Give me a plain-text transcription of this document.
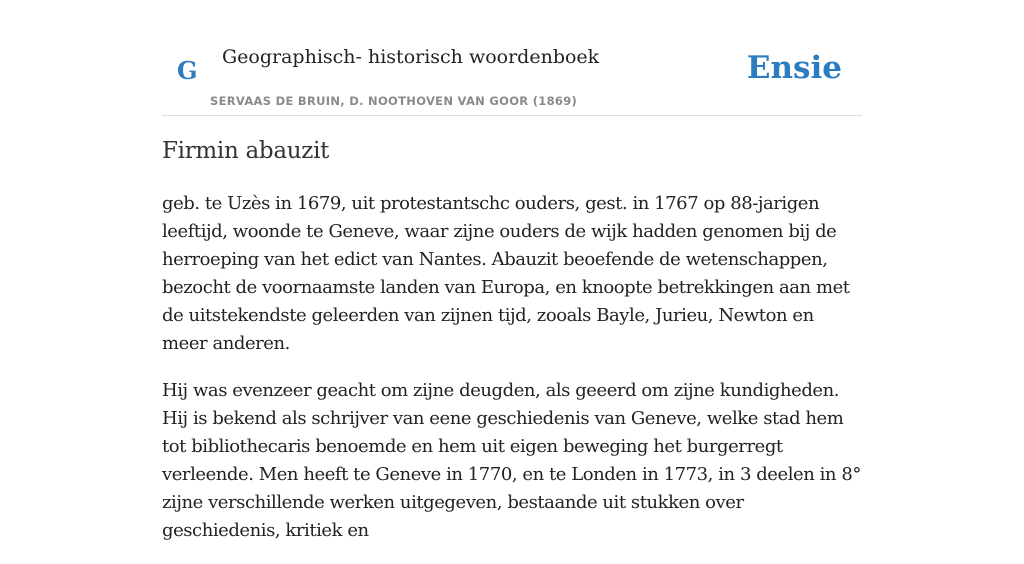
G Geographisch- historisch woordenboek
SERVAAS DE BRUIN, D. NOOTHOVEN VAN GOOR (1869)
Ensie
Firmin abauzit

geb. te Uzès in 1679, uit protestantschc ouders, gest. in 1767 op 88-jarigen leeftijd, woonde te Geneve, waar zijne ouders de wijk hadden genomen bij de herroeping van het edict van Nantes. Abauzit beoefende de wetenschappen, bezocht de voornaamste landen van Europa, en knoopte betrekkingen aan met de uitstekendste geleerden van zijnen tijd, zooals Bayle, Jurieu, Newton en meer anderen.

Hij was evenzeer geacht om zijne deugden, als geeerd om zijne kundigheden. Hij is bekend als schrijver van eene geschiedenis van Geneve, welke stad hem tot bibliothecaris benoemde en hem uit eigen beweging het burgerregt verleende. Men heeft te Geneve in 1770, en te Londen in 1773, in 3 deelen in 8° zijne verschillende werken uitgegeven, bestaande uit stukken over geschiedenis, kritiek en
